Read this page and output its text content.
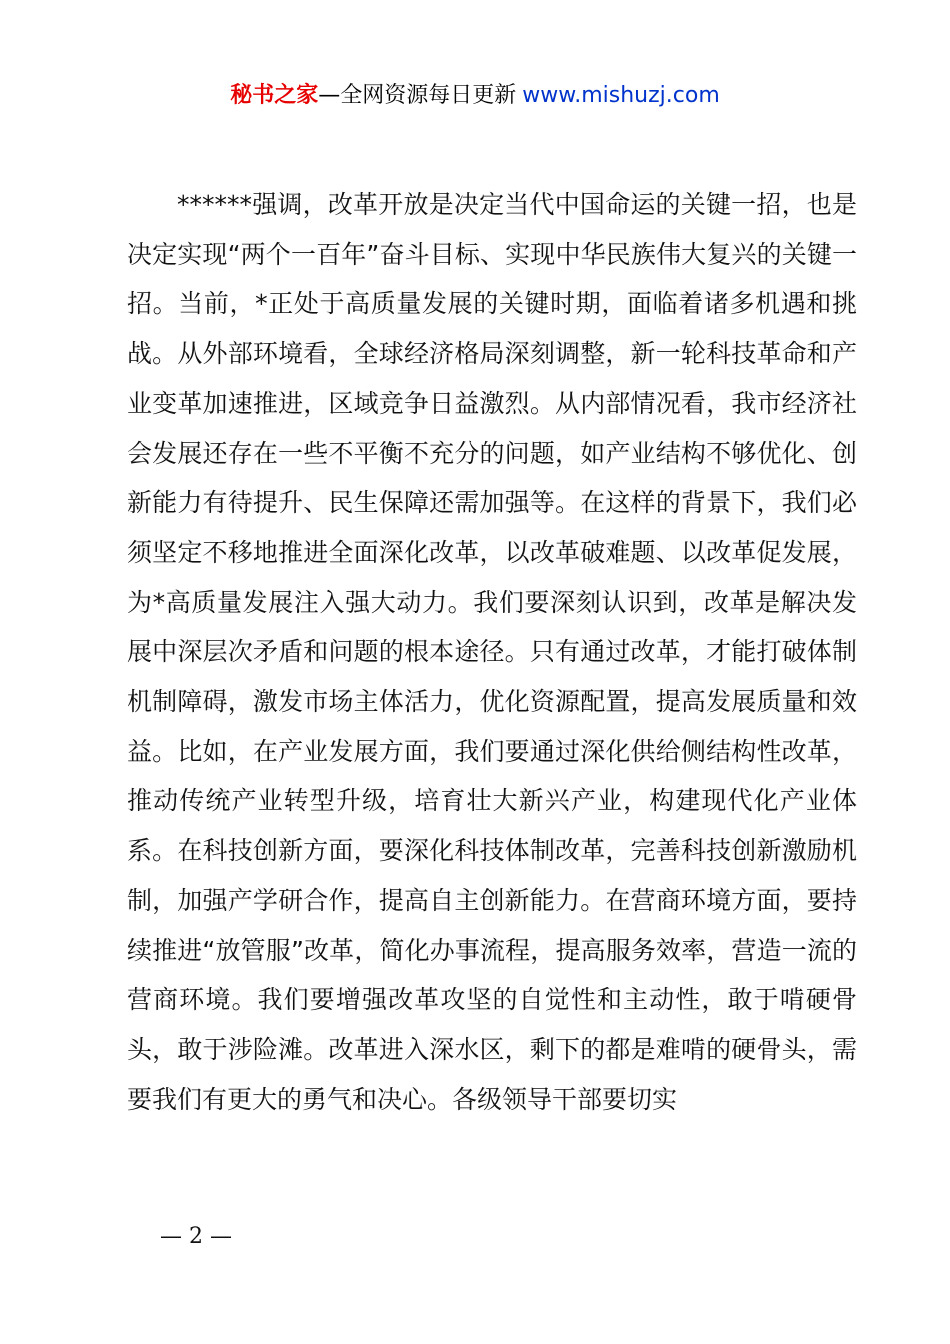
秘书之家—全网资源每日更新 www.mishuzj.com

******强调，改革开放是决定当代中国命运的关键一招，也是决定实现“两个一百年”奋斗目标、实现中华民族伟大复兴的关键一招。当前，*正处于高质量发展的关键时期，面临着诸多机遇和挑战。从外部环境看，全球经济格局深刻调整，新一轮科技革命和产业变革加速推进，区域竞争日益激烈。从内部情况看，我市经济社会发展还存在一些不平衡不充分的问题，如产业结构不够优化、创新能力有待提升、民生保障还需加强等。在这样的背景下，我们必须坚定不移地推进全面深化改革，以改革破难题、以改革促发展，为*高质量发展注入强大动力。我们要深刻认识到，改革是解决发展中深层次矛盾和问题的根本途径。只有通过改革，才能打破体制机制障碍，激发市场主体活力，优化资源配置，提高发展质量和效益。比如，在产业发展方面，我们要通过深化供给侧结构性改革，推动传统产业转型升级，培育壮大新兴产业，构建现代化产业体系。在科技创新方面，要深化科技体制改革，完善科技创新激励机制，加强产学研合作，提高自主创新能力。在营商环境方面，要持续推进“放管服”改革，简化办事流程，提高服务效率，营造一流的营商环境。我们要增强改革攻坚的自觉性和主动性，敢于啃硬骨头，敢于涉险滩。改革进入深水区，剩下的都是难啃的硬骨头，需要我们有更大的勇气和决心。各级领导干部要切实

— 2 —
